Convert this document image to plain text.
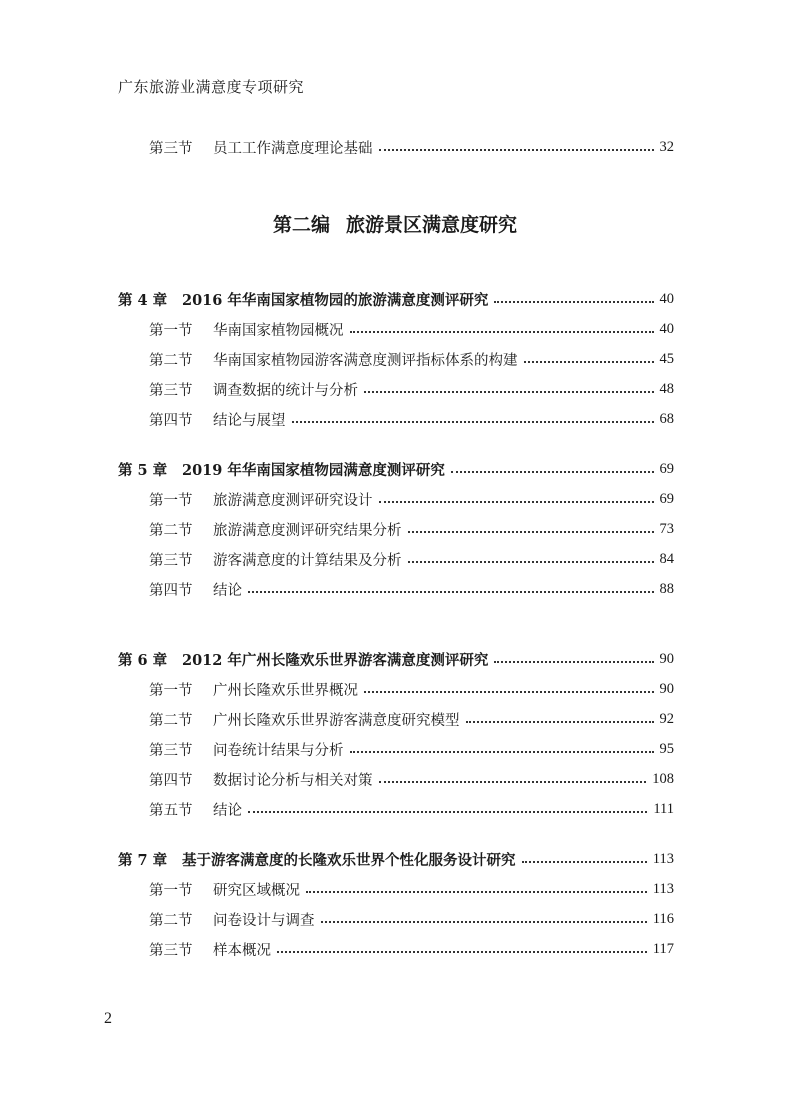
广东旅游业满意度专项研究
第二编 旅游景区满意度研究
第三节	员工工作满意度理论基础	32
第 4 章	2016 年华南国家植物园的旅游满意度测评研究	40
第一节	华南国家植物园概况	40
第二节	华南国家植物园游客满意度测评指标体系的构建	45
第三节	调查数据的统计与分析	48
第四节	结论与展望	68
第 5 章	2019 年华南国家植物园满意度测评研究	69
第一节	旅游满意度测评研究设计	69
第二节	旅游满意度测评研究结果分析	73
第三节	游客满意度的计算结果及分析	84
第四节	结论	88
第 6 章	2012 年广州长隆欢乐世界游客满意度测评研究	90
第一节	广州长隆欢乐世界概况	90
第二节	广州长隆欢乐世界游客满意度研究模型	92
第三节	问卷统计结果与分析	95
第四节	数据讨论分析与相关对策	108
第五节	结论	111
第 7 章	基于游客满意度的长隆欢乐世界个性化服务设计研究	113
第一节	研究区域概况	113
第二节	问卷设计与调查	116
第三节	样本概况	117
2
